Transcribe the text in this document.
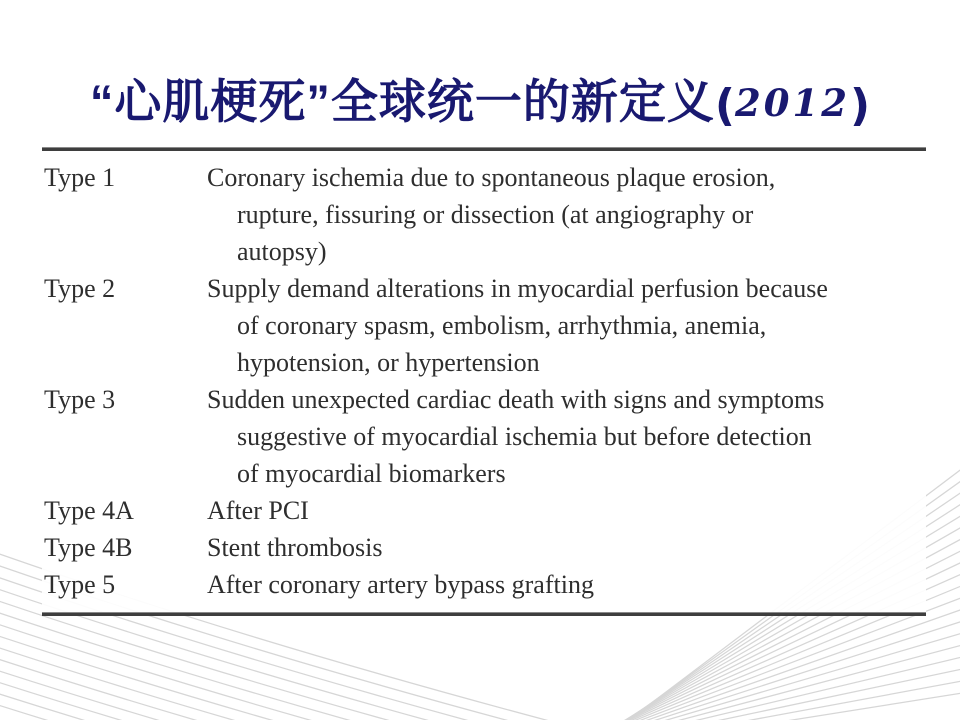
“心肌梗死”全球统一的新定义(2012)
Type 1	Coronary ischemia due to spontaneous plaque erosion,
rupture, fissuring or dissection (at angiography or
autopsy)
Type 2	Supply demand alterations in myocardial perfusion because
of coronary spasm, embolism, arrhythmia, anemia,
hypotension, or hypertension
Type 3	Sudden unexpected cardiac death with signs and symptoms
suggestive of myocardial ischemia but before detection
of myocardial biomarkers
Type 4A	After PCI
Type 4B	Stent thrombosis
Type 5	After coronary artery bypass grafting
